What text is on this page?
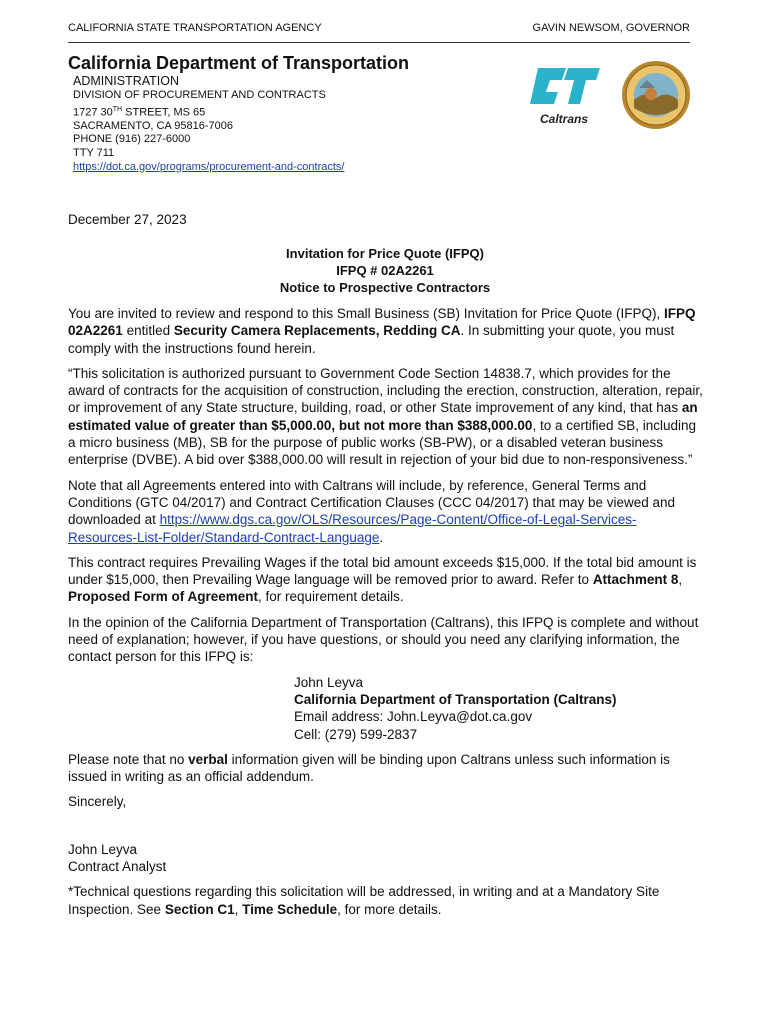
CALIFORNIA STATE TRANSPORTATION AGENCY	GAVIN NEWSOM, GOVERNOR
California Department of Transportation
ADMINISTRATION
DIVISION OF PROCUREMENT AND CONTRACTS
1727 30TH STREET, MS 65
SACRAMENTO, CA 95816-7006
PHONE (916) 227-6000
TTY 711
https://dot.ca.gov/programs/procurement-and-contracts/
Caltrans
December 27, 2023
Invitation for Price Quote (IFPQ)
IFPQ # 02A2261
Notice to Prospective Contractors

You are invited to review and respond to this Small Business (SB) Invitation for Price Quote (IFPQ), IFPQ 02A2261 entitled Security Camera Replacements, Redding CA. In submitting your quote, you must comply with the instructions found herein.

“This solicitation is authorized pursuant to Government Code Section 14838.7, which provides for the award of contracts for the acquisition of construction, including the erection, construction, alteration, repair, or improvement of any State structure, building, road, or other State improvement of any kind, that has an estimated value of greater than $5,000.00, but not more than $388,000.00, to a certified SB, including a micro business (MB), SB for the purpose of public works (SB-PW), or a disabled veteran business enterprise (DVBE). A bid over $388,000.00 will result in rejection of your bid due to non-responsiveness.”

Note that all Agreements entered into with Caltrans will include, by reference, General Terms and Conditions (GTC 04/2017) and Contract Certification Clauses (CCC 04/2017) that may be viewed and downloaded at https://www.dgs.ca.gov/OLS/Resources/Page-Content/Office-of-Legal-Services-Resources-List-Folder/Standard-Contract-Language.

This contract requires Prevailing Wages if the total bid amount exceeds $15,000. If the total bid amount is under $15,000, then Prevailing Wage language will be removed prior to award. Refer to Attachment 8, Proposed Form of Agreement, for requirement details.

In the opinion of the California Department of Transportation (Caltrans), this IFPQ is complete and without need of explanation; however, if you have questions, or should you need any clarifying information, the contact person for this IFPQ is:

John Leyva
California Department of Transportation (Caltrans)
Email address: John.Leyva@dot.ca.gov
Cell: (279) 599-2837

Please note that no verbal information given will be binding upon Caltrans unless such information is issued in writing as an official addendum.

Sincerely,

John Leyva
Contract Analyst

*Technical questions regarding this solicitation will be addressed, in writing and at a Mandatory Site Inspection. See Section C1, Time Schedule, for more details.
